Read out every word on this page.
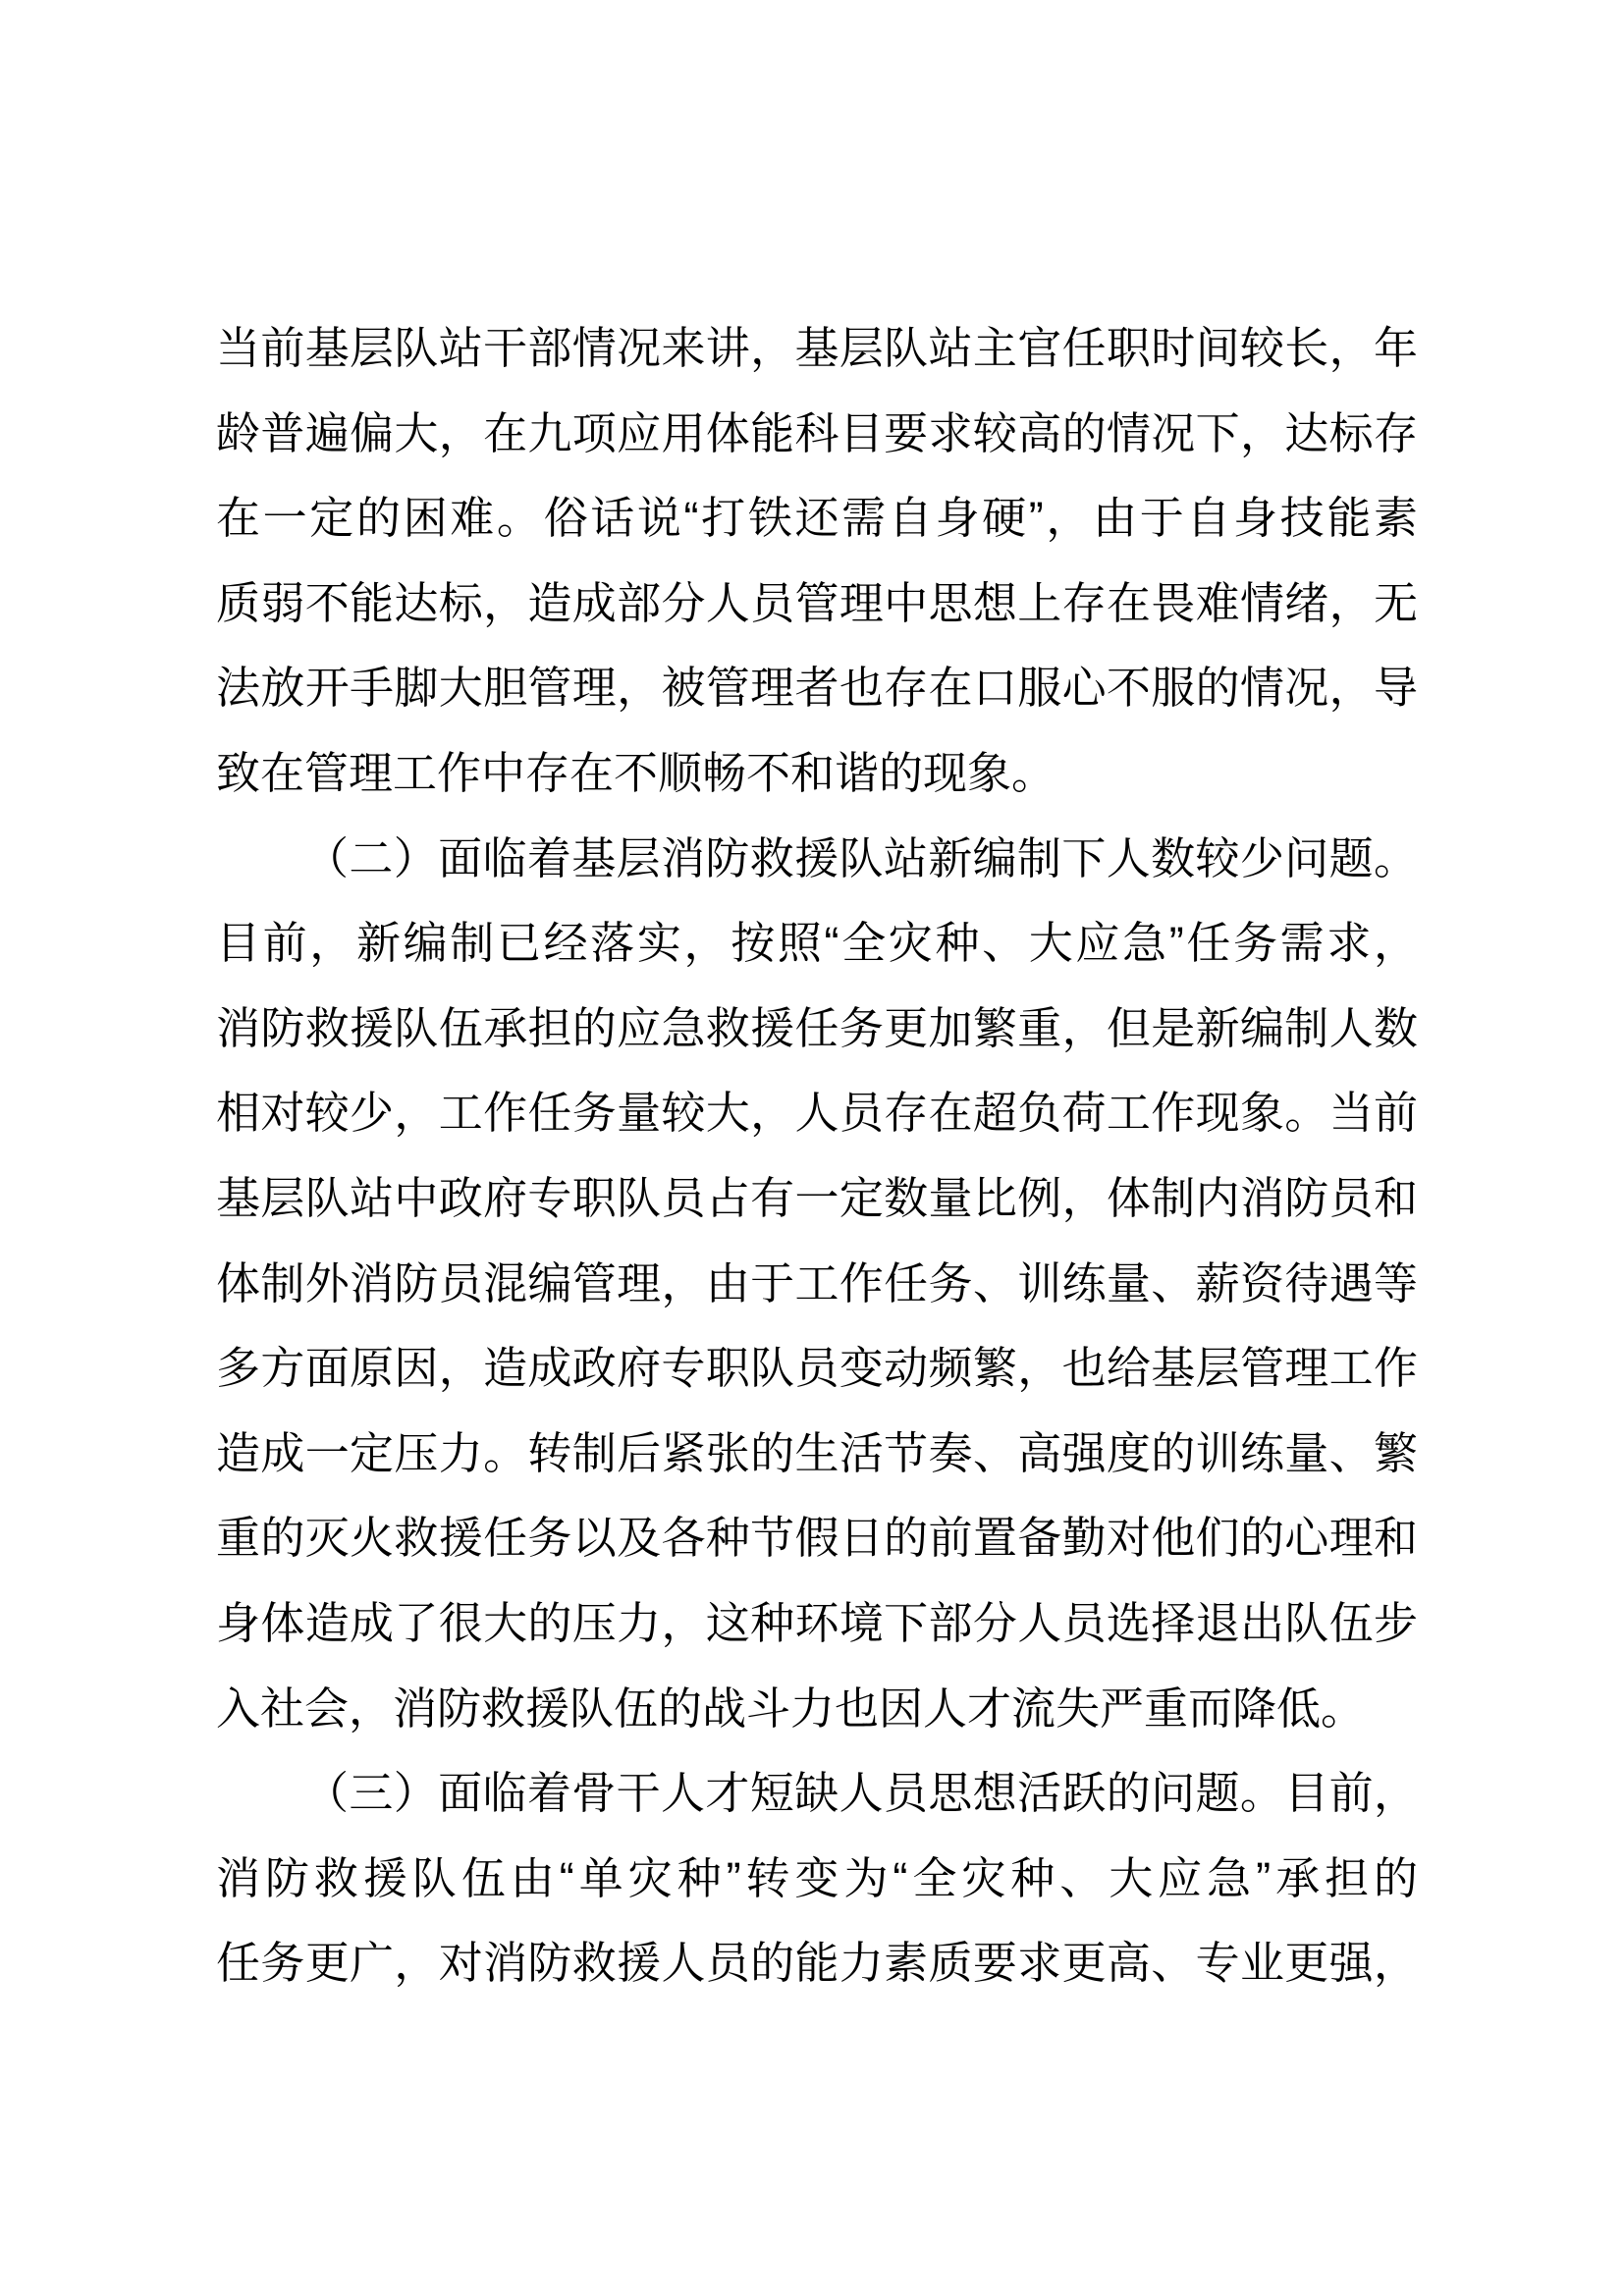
当前基层队站干部情况来讲，基层队站主官任职时间较长，年

龄普遍偏大，在九项应用体能科目要求较高的情况下，达标存

在一定的困难。俗话说“打铁还需自身硬”，由于自身技能素

质弱不能达标，造成部分人员管理中思想上存在畏难情绪，无

法放开手脚大胆管理，被管理者也存在口服心不服的情况，导

致在管理工作中存在不顺畅不和谐的现象。

（二）面临着基层消防救援队站新编制下人数较少问题。

目前，新编制已经落实，按照“全灾种、大应急”任务需求，

消防救援队伍承担的应急救援任务更加繁重，但是新编制人数

相对较少，工作任务量较大，人员存在超负荷工作现象。当前

基层队站中政府专职队员占有一定数量比例，体制内消防员和

体制外消防员混编管理，由于工作任务、训练量、薪资待遇等

多方面原因，造成政府专职队员变动频繁，也给基层管理工作

造成一定压力。转制后紧张的生活节奏、高强度的训练量、繁

重的灭火救援任务以及各种节假日的前置备勤对他们的心理和

身体造成了很大的压力，这种环境下部分人员选择退出队伍步

入社会，消防救援队伍的战斗力也因人才流失严重而降低。

（三）面临着骨干人才短缺人员思想活跃的问题。目前，

消防救援队伍由“单灾种”转变为“全灾种、大应急”承担的

任务更广，对消防救援人员的能力素质要求更高、专业更强，
